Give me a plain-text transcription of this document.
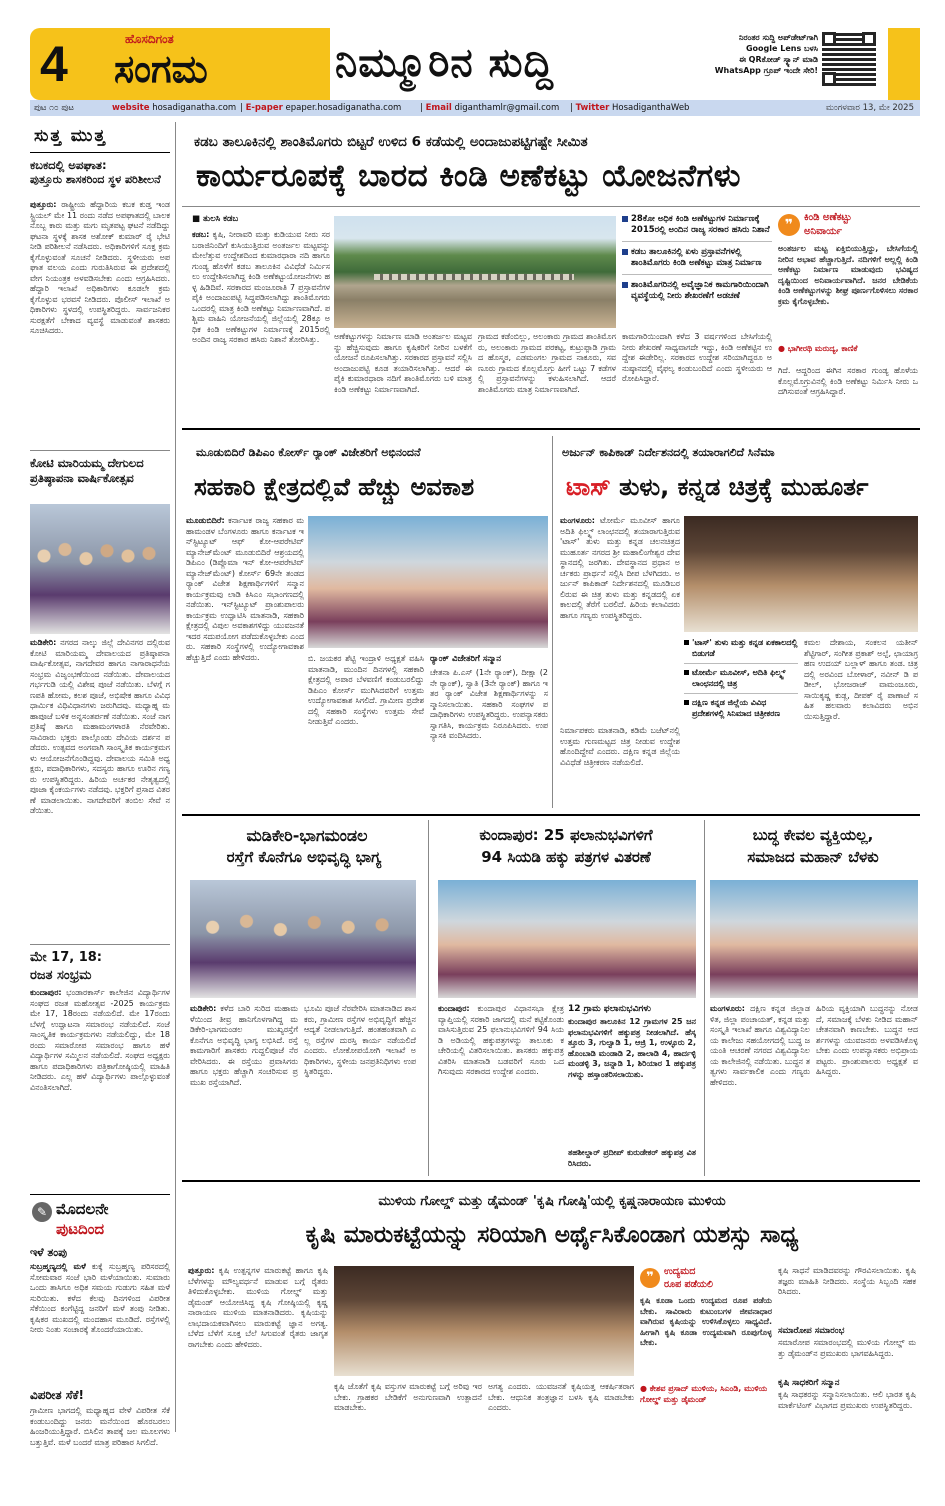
4	ಹೊಸದಿಗಂತ
ಸಂಗಮ	ನಿಮ್ಮೂರಿನ ಸುದ್ದಿ
ನಿರಂತರ ಸುದ್ದಿ ಅಪ್‌ಡೇಟ್‌ಗಾಗಿ
Google Lens ಬಳಸಿ
ಈ QRಕೋಡ್ ಸ್ಕ್ಯಾನ್ ಮಾಡಿ
WhatsApp ಗ್ರೂಪ್ ಇಂದೇ ಸೇರಿ!
ಪುಟ ೧೦ ಪುಟ	website hosadiganatha.com | E-paper epaper.hosadiganatha.com | Email diganthamlr@gmail.com | Twitter HosadiganthaWeb	ಮಂಗಳವಾರ 13, ಮೇ 2025
ಸುತ್ತ ಮುತ್ತ
ಕಬಕದಲ್ಲಿ ಅಪಘಾತ:
ಪುತ್ತೂರು ಶಾಸಕರಿಂದ ಸ್ಥಳ ಪರಿಶೀಲನೆ
ಪುತ್ತೂರು: ರಾಷ್ಟ್ರೀಯ ಹೆದ್ದಾರಿಯ ಕಬಕ ಕುಡ್ತ ಇಂಡಸ್ಟ್ರಿಯಲ್ ಮೇ 11 ರಂದು ನಡೆದ ಅಪಘಾತದಲ್ಲಿ ಬಾಲಕನೊಬ್ಬ ಕಾರು ಮತ್ತು ಮಗು ಮೃತಪಟ್ಟ ಘಟನೆ ನಡೆದಿದ್ದು ಘಟನಾ ಸ್ಥಳಕ್ಕೆ ಶಾಸಕ ಅಶೋಕ್ ಕುಮಾರ್ ರೈ ಭೇಟಿ ನೀಡಿ ಪರಿಶೀಲನೆ ನಡೆಸಿದರು. ಅಧಿಕಾರಿಗಳಿಗೆ ಸೂಕ್ತ ಕ್ರಮ ಕೈಗೊಳ್ಳುವಂತೆ ಸೂಚನೆ ನೀಡಿದರು. ಸ್ಥಳೀಯರು ಅಪಘಾತ ವಲಯ ಎಂದು ಗುರುತಿಸಿರುವ ಈ ಪ್ರದೇಶದಲ್ಲಿ ವೇಗ ನಿಯಂತ್ರಕ ಅಳವಡಿಸಬೇಕು ಎಂದು ಆಗ್ರಹಿಸಿದರು. ಹೆದ್ದಾರಿ ಇಲಾಖೆ ಅಧಿಕಾರಿಗಳು ಕೂಡಲೇ ಕ್ರಮ ಕೈಗೊಳ್ಳುವ ಭರವಸೆ ನೀಡಿದರು. ಪೊಲೀಸ್ ಇಲಾಖೆ ಅಧಿಕಾರಿಗಳು ಸ್ಥಳದಲ್ಲಿ ಉಪಸ್ಥಿತರಿದ್ದರು. ಸಾರ್ವಜನಿಕರ ಸುರಕ್ಷತೆಗೆ ಬೇಕಾದ ವ್ಯವಸ್ಥೆ ಮಾಡುವಂತೆ ಶಾಸಕರು ಸೂಚಿಸಿದರು.
ಕೋಟಿ ಮಾರಿಯಮ್ಮ ದೇಗುಲದ ಪ್ರತಿಷ್ಠಾಪನಾ ವಾರ್ಷಿಕೋತ್ಸವ
ಮಡಿಕೇರಿ: ನಗರದ ನಾಲ್ಕು ಜಿಲ್ಲೆ ದೇವಿನಗರ ದಲ್ಲಿರುವ ಕೋಟಿ ಮಾರಿಯಮ್ಮ ದೇವಾಲಯದ ಪ್ರತಿಷ್ಠಾಪನಾ ವಾರ್ಷಿಕೋತ್ಸವ, ನಾಗದೇವರ ಹಾಗೂ ನಾಗಾರಾಧನೆಯ ಸಂಭ್ರಮ ವಿಜೃಂಭಣೆಯಿಂದ ನಡೆಯಿತು. ದೇವಾಲಯದ ಗರ್ಭಗುಡಿ ಯಲ್ಲಿ ವಿಶೇಷ ಪೂಜೆ ನಡೆಯಿತು. ಬೆಳಗ್ಗೆ ಗಣಪತಿ ಹೋಮ, ಕಲಶ ಪೂಜೆ, ಅಭಿಷೇಕ ಹಾಗೂ ವಿವಿಧ ಧಾರ್ಮಿಕ ವಿಧಿವಿಧಾನಗಳು ಜರುಗಿದವು. ಮಧ್ಯಾಹ್ನ ಮಹಾಪೂಜೆ ಬಳಿಕ ಅನ್ನಸಂತರ್ಪಣೆ ನಡೆಯಿತು. ಸಂಜೆ ನಾಗಪ್ರತಿಷ್ಠೆ ಹಾಗೂ ಮಹಾಮಂಗಳಾರತಿ ನೆರವೇರಿತು. ಸಾವಿರಾರು ಭಕ್ತರು ಪಾಲ್ಗೊಂಡು ದೇವಿಯ ದರ್ಶನ ಪಡೆದರು. ಉತ್ಸವದ ಅಂಗವಾಗಿ ಸಾಂಸ್ಕೃತಿಕ ಕಾರ್ಯಕ್ರಮಗಳು ಆಯೋಜನೆಗೊಂಡಿದ್ದವು. ದೇವಾಲಯ ಸಮಿತಿ ಅಧ್ಯಕ್ಷರು, ಪದಾಧಿಕಾರಿಗಳು, ಸದಸ್ಯರು ಹಾಗೂ ಊರಿನ ಗಣ್ಯರು ಉಪಸ್ಥಿತರಿದ್ದರು. ಹಿರಿಯ ಅರ್ಚಕರ ನೇತೃತ್ವದಲ್ಲಿ ಪೂಜಾ ಕೈಂಕರ್ಯಗಳು ನಡೆದವು. ಭಕ್ತರಿಗೆ ಪ್ರಸಾದ ವಿತರಣೆ ಮಾಡಲಾಯಿತು. ನಾಗದೇವರಿಗೆ ತಂಬಿಲ ಸೇವೆ ನಡೆಯಿತು.
ಮೇ 17, 18:
ರಜತ ಸಂಭ್ರಮ
ಕುಂದಾಪುರ: ಭಂಡಾರಕಾರ್ಸ್ ಕಾಲೇಜಿನ ವಿದ್ಯಾರ್ಥಿಗಳ ಸಂಘದ ರಜತ ಮಹೋತ್ಸವ -2025 ಕಾರ್ಯಕ್ರಮ ಮೇ 17, 18ರಂದು ನಡೆಯಲಿದೆ. ಮೇ 17ರಂದು ಬೆಳಗ್ಗೆ ಉದ್ಘಾಟನಾ ಸಮಾರಂಭ ನಡೆಯಲಿದೆ. ಸಂಜೆ ಸಾಂಸ್ಕೃತಿಕ ಕಾರ್ಯಕ್ರಮಗಳು ನಡೆಯಲಿದ್ದು, ಮೇ 18ರಂದು ಸಮಾರೋಪ ಸಮಾರಂಭ ಹಾಗೂ ಹಳೆ ವಿದ್ಯಾರ್ಥಿಗಳ ಸಮ್ಮಿಲನ ನಡೆಯಲಿದೆ. ಸಂಘದ ಅಧ್ಯಕ್ಷರು ಹಾಗೂ ಪದಾಧಿಕಾರಿಗಳು ಪತ್ರಿಕಾಗೋಷ್ಠಿಯಲ್ಲಿ ಮಾಹಿತಿ ನೀಡಿದರು. ಎಲ್ಲ ಹಳೆ ವಿದ್ಯಾರ್ಥಿಗಳು ಪಾಲ್ಗೊಳ್ಳುವಂತೆ ವಿನಂತಿಸಲಾಗಿದೆ.
✎ ಮೊದಲನೇ
ಪುಟದಿಂದ
ಇಳೆ ತಂಪು
ಸುಬ್ರಹ್ಮಣ್ಯದಲ್ಲಿ ಮಳೆ ಕುಕ್ಕೆ ಸುಬ್ರಹ್ಮಣ್ಯ ಪರಿಸರದಲ್ಲಿ ಸೋಮವಾರ ಸಂಜೆ ಭಾರಿ ಮಳೆಯಾಯಿತು. ಸುಮಾರು ಒಂದು ತಾಸಿಗೂ ಅಧಿಕ ಸಮಯ ಗುಡುಗು ಸಹಿತ ಮಳೆ ಸುರಿಯಿತು. ಕಳೆದ ಕೆಲವು ದಿನಗಳಿಂದ ವಿಪರೀತ ಸೆಕೆಯಿಂದ ಕಂಗೆಟ್ಟಿದ್ದ ಜನರಿಗೆ ಮಳೆ ತಂಪು ನೀಡಿತು. ಕೃಷಿಕರ ಮುಖದಲ್ಲಿ ಮಂದಹಾಸ ಮೂಡಿದೆ. ರಸ್ತೆಗಳಲ್ಲಿ ನೀರು ನಿಂತು ಸಂಚಾರಕ್ಕೆ ತೊಂದರೆಯಾಯಿತು.
ವಿಪರೀತ ಸೆಕೆ!
ಗ್ರಾಮೀಣ ಭಾಗದಲ್ಲಿ ಮಧ್ಯಾಹ್ನದ ವೇಳೆ ವಿಪರೀತ ಸೆಕೆ ಕಂಡುಬಂದಿದ್ದು ಜನರು ಮನೆಯಿಂದ ಹೊರಬರಲು ಹಿಂಜರಿಯುತ್ತಿದ್ದಾರೆ. ಬಿಸಿಲಿನ ತಾಪಕ್ಕೆ ಜಲ ಮೂಲಗಳು ಬತ್ತುತ್ತಿವೆ. ಮಳೆ ಬಂದರೆ ಮಾತ್ರ ಪರಿಹಾರ ಸಿಗಲಿದೆ.
ಕಡಬ ತಾಲೂಕಿನಲ್ಲಿ ಶಾಂತಿಮೊಗರು ಬಿಟ್ಟರೆ ಉಳಿದ 6 ಕಡೆಯಲ್ಲಿ ಅಂದಾಜುಪಟ್ಟಿಗಷ್ಟೇ ಸೀಮಿತ
ಕಾರ್ಯರೂಪಕ್ಕೆ ಬಾರದ ಕಿಂಡಿ ಅಣೆಕಟ್ಟು ಯೋಜನೆಗಳು
■ ತುಲಸಿ ಕಡಬ
ಕಡಬ: ಕೃಷಿ, ನೀರಾವರಿ ಮತ್ತು ಕುಡಿಯುವ ನೀರು ಸರಬರಾಜಿನಿಂದಿಗೆ ಕುಸಿಯುತ್ತಿರುವ ಅಂತರ್ಜಲ ಮಟ್ಟವನ್ನು ಮೇಲೆತ್ತುವ ಉದ್ದೇಶದಿಂದ ಕುಮಾರಧಾರಾ ನದಿ ಹಾಗೂ ಗುಂಡ್ಯ ಹೊಳೆಗೆ ಕಡಬ ತಾಲೂಕಿನ ವಿವಿಧೆಡೆ ನಿರ್ಮಿಸಲು ಉದ್ದೇಶಿಸಲಾಗಿದ್ದ ಕಿಂಡಿ ಅಣೆಕಟ್ಟುಯೋಜನೆಗಳು ಹಳ್ಳ ಹಿಡಿದಿವೆ. ಸರಕಾರದ ಮಂಜೂರಾತಿ 7 ಪ್ರಸ್ತಾವನೆಗಳ ಪೈಕಿ ಅಂದಾಜುಪಟ್ಟಿ ಸಿದ್ಧಪಡಿಸಲಾಗಿದ್ದು ಶಾಂತಿಮೊಗರು ಒಂದರಲ್ಲಿ ಮಾತ್ರ ಕಿಂಡಿ ಅಣೆಕಟ್ಟು ನಿರ್ಮಾಣವಾಗಿದೆ. ಪಶ್ಚಿಮ ವಾಹಿನಿ ಯೋಜನೆಯಲ್ಲಿ ಜಿಲ್ಲೆಯಲ್ಲಿ 28ಕ್ಕೂ ಅಧಿಕ ಕಿಂಡಿ ಅಣೆಕಟ್ಟುಗಳ ನಿರ್ಮಾಣಕ್ಕೆ 2015ರಲ್ಲಿ ಅಂದಿನ ರಾಜ್ಯ ಸರಕಾರ ಹಸಿರು ನಿಶಾನೆ ತೋರಿಸಿತ್ತು.	ಅಣೆಕಟ್ಟುಗಳನ್ನು ನಿರ್ಮಾಣ ಮಾಡಿ ಅಂತರ್ಜಲ ಮಟ್ಟವನ್ನು ಹೆಚ್ಚಿಸುವುದು ಹಾಗೂ ಕೃಷಿಕರಿಗೆ ನೀರಿನ ಬಳಕೆಗೆ ಯೋಜನೆ ರೂಪಿಸಲಾಗಿತ್ತು. ಸರಕಾರದ ಪ್ರಸ್ತಾವನೆ ಸಲ್ಲಿಸಿ ಅಂದಾಜುಪಟ್ಟಿ ಕೂಡ ತಯಾರಿಸಲಾಗಿತ್ತು. ಆದರೆ ಈ ಪೈಕಿ ಕುಮಾರಧಾರಾ ನದಿಗೆ ಶಾಂತಿಮೊಗರು ಬಳಿ ಮಾತ್ರ ಕಿಂಡಿ ಅಣೆಕಟ್ಟು ನಿರ್ಮಾಣವಾಗಿದೆ.
ಗ್ರಾಮದ ಕಡೆಂಬಿಲ್ಲು, ಅಲಂಕಾರು ಗ್ರಾಮದ ಶಾಂತಿಮೊಗರು, ಅಲಂಕಾರು ಗ್ರಾಮದ ಪರಕಟ್ಟ, ಕುಟ್ರುಪ್ಪಾಡಿ ಗ್ರಾಮದ ಹೊಸ್ಮಠ, ಎಡಮಂಗಲ ಗ್ರಾಮದ ನಾಕೂರು, ಸವಣೂರು ಗ್ರಾಮದ ಕೊಲ್ಲಮೊಗ್ರು ಹೀಗೆ ಒಟ್ಟು 7 ಕಡೆಗಳಲ್ಲಿ ಪ್ರಸ್ತಾವನೆಗಳನ್ನು ಕಳುಹಿಸಲಾಗಿದೆ. ಆದರೆ ಶಾಂತಿಮೊಗರು ಮಾತ್ರ ನಿರ್ಮಾಣವಾಗಿದೆ.
ಕಾಮಗಾರಿಯಿಂದಾಗಿ ಕಳೆದ 3 ವರ್ಷಗಳಿಂದ ಬೇಸಿಗೆಯಲ್ಲಿ ನೀರು ಶೇಖರಣೆ ಸಾಧ್ಯವಾಗದೇ ಇದ್ದು, ಕಿಂಡಿ ಅಣೆಕಟ್ಟಿನ ಉದ್ದೇಶ ಈಡೇರಿಲ್ಲ. ಸರಕಾರದ ಉದ್ದೇಶ ಸರಿಯಾಗಿದ್ದರೂ ಅನುಷ್ಠಾನದಲ್ಲಿ ವೈಫಲ್ಯ ಕಂಡುಬಂದಿದೆ ಎಂದು ಸ್ಥಳೀಯರು ಆರೋಪಿಸಿದ್ದಾರೆ.
28ಕೋ ಅಧಿಕ ಕಿಂಡಿ ಅಣೆಕಟ್ಟುಗಳ ನಿರ್ಮಾಣಕ್ಕೆ 2015ರಲ್ಲಿ ಅಂದಿನ ರಾಜ್ಯ ಸರಕಾರ ಹಸಿರು ನಿಶಾನೆ
ಕಡಬ ತಾಲೂಕಿನಲ್ಲಿ ಏಳು ಪ್ರಸ್ತಾವನೆಗಳಲ್ಲಿ ಶಾಂತಿಮೊಗರು ಕಿಂಡಿ ಅಣೆಕಟ್ಟು ಮಾತ್ರ ನಿರ್ಮಾಣ
ಶಾಂತಿಮೊಗರಿನಲ್ಲಿ ಅವೈಜ್ಞಾನಿಕ ಕಾಮಗಾರಿಯಿಂದಾಗಿ ವ್ಯವಸ್ಥೆಯಲ್ಲಿ ನೀರು ಶೇಖರಣೆಗೆ ಅಡಚಣೆ
❞	ಕಿಂಡಿ ಅಣೆಕಟ್ಟು
ಅನಿವಾರ್ಯ
ಅಂತರ್ಜಲ ಮಟ್ಟ ಏಕ್ತಿಬಿಯುತ್ತಿದ್ದು, ಬೇಸಿಗೆಯಲ್ಲಿ ನೀರಿನ ಅಭಾವ ಹೆಚ್ಚಾಗುತ್ತಿದೆ. ನದಿಗಳಿಗೆ ಅಲ್ಲಲ್ಲಿ ಕಿಂಡಿ ಅಣೆಕಟ್ಟು ನಿರ್ಮಾಣ ಮಾಡುವುದು ಭವಿಷ್ಯದ ದೃಷ್ಟಿಯಿಂದ ಅನಿವಾರ್ಯವಾಗಿದೆ. ಜನರ ಬೇಡಿಕೆಯ ಕಿಂಡಿ ಅಣೆಕಟ್ಟುಗಳನ್ನು ಶೀಘ್ರ ಪೂರ್ಣಗೊಳಿಸಲು ಸರಕಾರ ಕ್ರಮ ಕೈಗೊಳ್ಳಬೇಕು.
● ಭಾಗೀರಥಿ ಮರುದ್ಯ, ಕಾಣಿಕೆ
ಗಿದೆ. ಆದ್ದರಿಂದ ಈಗಿನ ಸರಕಾರ ಗುಂಡ್ಯ ಹೊಳೆಯ ಕೊಲ್ಲಮೊಗ್ರುವಿನಲ್ಲಿ ಕಿಂಡಿ ಅಣೆಕಟ್ಟು ನಿರ್ಮಿಸಿ ನೀರು ಒದಗಿಸುವಂತೆ ಆಗ್ರಹಿಸಿದ್ದಾರೆ.
ಮೂಡುಬಿದಿರೆ ಡಿಪಿಎಂ ಕೋರ್ಸ್ ರ್‍ಯಾಂಕ್ ವಿಜೇತರಿಗೆ ಅಭಿನಂದನೆ
ಸಹಕಾರಿ ಕ್ಷೇತ್ರದಲ್ಲಿವೆ ಹೆಚ್ಚು ಅವಕಾಶ
ಮೂಡುಬಿದಿರೆ: ಕರ್ನಾಟಕ ರಾಜ್ಯ ಸಹಕಾರ ಮಹಾಮಂಡಳ ಬೆಂಗಳೂರು ಹಾಗೂ ಕರ್ನಾಟಕ ಇನ್‌ಸ್ಟಿಟ್ಯೂಟ್ ಆಫ್ ಕೋ-ಆಪರೇಟಿವ್ ಮ್ಯಾನೇಜ್‌ಮೆಂಟ್ ಮೂಡುಬಿದಿರೆ ಆಶ್ರಯದಲ್ಲಿ ಡಿಪಿಎಂ (ಡಿಪ್ಲೊಮಾ ಇನ್ ಕೋ-ಆಪರೇಟಿವ್ ಮ್ಯಾನೇಜ್‌ಮೆಂಟ್) ಕೋರ್ಸ್ 69ನೇ ತಂಡದ ರ್‍ಯಾಂಕ್ ವಿಜೇತ ಶಿಕ್ಷಣಾರ್ಥಿಗಳಿಗೆ ಸನ್ಮಾನ ಕಾರ್ಯಕ್ರಮವು ಲಾಡಿ ಕಿಸಿಎಂ ಸಭಾಂಗಣದಲ್ಲಿ ನಡೆಯಿತು. ಇನ್‌ಸ್ಟಿಟ್ಯೂಟ್ ಪ್ರಾಂಶುಪಾಲರು ಕಾರ್ಯಕ್ರಮ ಉದ್ಘಾಟಿಸಿ ಮಾತನಾಡಿ, ಸಹಕಾರಿ ಕ್ಷೇತ್ರದಲ್ಲಿ ವಿಪುಲ ಅವಕಾಶಗಳಿದ್ದು ಯುವಜನತೆ ಇದರ ಸದುಪಯೋಗ ಪಡೆದುಕೊಳ್ಳಬೇಕು ಎಂದರು. ಸಹಕಾರಿ ಸಂಸ್ಥೆಗಳಲ್ಲಿ ಉದ್ಯೋಗಾವಕಾಶ ಹೆಚ್ಚುತ್ತಿದೆ ಎಂದು ಹೇಳಿದರು.	ಬಿ. ಜಯಕರ ಶೆಟ್ಟಿ ಇಂದ್ರಾಳಿ ಅಧ್ಯಕ್ಷತೆ ವಹಿಸಿ ಮಾತನಾಡಿ, ಮುಂದಿನ ದಿನಗಳಲ್ಲಿ ಸಹಕಾರಿ ಕ್ಷೇತ್ರದಲ್ಲಿ ಅಪಾರ ಬೆಳವಣಿಗೆ ಕಂಡುಬರಲಿದ್ದು ಡಿಪಿಎಂ ಕೋರ್ಸ್ ಮುಗಿಸಿದವರಿಗೆ ಉತ್ತಮ ಉದ್ಯೋಗಾವಕಾಶ ಸಿಗಲಿದೆ. ಗ್ರಾಮೀಣ ಪ್ರದೇಶದಲ್ಲಿ ಸಹಕಾರಿ ಸಂಸ್ಥೆಗಳು ಉತ್ತಮ ಸೇವೆ ನೀಡುತ್ತಿವೆ ಎಂದರು.
ರ್‍ಯಾಂಕ್ ವಿಜೇತರಿಗೆ ಸನ್ಮಾನ
ಚೇತನಾ ಪಿ.ಎಸ್ (1ನೇ ರ್‍ಯಾಂಕ್), ದೀಕ್ಷಾ (2ನೇ ರ್‍ಯಾಂಕ್), ಸ್ವಾತಿ (3ನೇ ರ್‍ಯಾಂಕ್) ಹಾಗೂ ಇತರ ರ್‍ಯಾಂಕ್ ವಿಜೇತ ಶಿಕ್ಷಣಾರ್ಥಿಗಳನ್ನು ಸನ್ಮಾನಿಸಲಾಯಿತು. ಸಹಕಾರಿ ಸಂಘಗಳ ಪದಾಧಿಕಾರಿಗಳು ಉಪಸ್ಥಿತರಿದ್ದರು. ಉಪನ್ಯಾಸಕರು ಸ್ವಾಗತಿಸಿ, ಕಾರ್ಯಕ್ರಮ ನಿರೂಪಿಸಿದರು. ಉಪನ್ಯಾಸಕಿ ವಂದಿಸಿದರು.
ಅರ್ಜುನ್ ಕಾಪಿಕಾಡ್ ನಿರ್ದೇಶನದಲ್ಲಿ ತಯಾರಾಗಲಿದೆ ಸಿನೆಮಾ
ಟಾಸ್ ತುಳು, ಕನ್ನಡ ಚಿತ್ರಕ್ಕೆ ಮುಹೂರ್ತ
ಮಂಗಳೂರು: ಟೋರ್ಮೆ ಮೂವೀಸ್ ಹಾಗೂ ಅದಿತಿ ಫಿಲ್ಮ್ಸ್ ಲಾಂಛನದಲ್ಲಿ ತಯಾರಾಗುತ್ತಿರುವ 'ಟಾಸ್' ತುಳು ಮತ್ತು ಕನ್ನಡ ಚಲನಚಿತ್ರದ ಮುಹೂರ್ತ ನಗರದ ಶ್ರೀ ಮಹಾಲಿಂಗೇಶ್ವರ ದೇವಸ್ಥಾನದಲ್ಲಿ ಜರಗಿತು. ದೇವಸ್ಥಾನದ ಪ್ರಧಾನ ಅರ್ಚಕರು ಪ್ರಾರ್ಥನೆ ಸಲ್ಲಿಸಿ ದೀಪ ಬೆಳಗಿದರು. ಅರ್ಜುನ್ ಕಾಪಿಕಾಡ್ ನಿರ್ದೇಶನದಲ್ಲಿ ಮೂಡಿಬರಲಿರುವ ಈ ಚಿತ್ರ ತುಳು ಮತ್ತು ಕನ್ನಡದಲ್ಲಿ ಏಕಕಾಲದಲ್ಲಿ ತೆರೆಗೆ ಬರಲಿದೆ. ಹಿರಿಯ ಕಲಾವಿದರು ಹಾಗೂ ಗಣ್ಯರು ಉಪಸ್ಥಿತರಿದ್ದರು.
'ಟಾಸ್' ತುಳು ಮತ್ತು ಕನ್ನಡ ಏಕಕಾಲದಲ್ಲಿ ಬಿಡುಗಡೆ
ಟೋರ್ಮೆ ಮೂವೀಸ್, ಅದಿತಿ ಫಿಲ್ಮ್ಸ್‌ ಲಾಂಛನದಲ್ಲಿ ಚಿತ್ರ
ದಕ್ಷಿಣ ಕನ್ನಡ ಜಿಲ್ಲೆಯ ವಿವಿಧ ಪ್ರದೇಶಗಳಲ್ಲಿ ಸಿನಿಮಾದ ಚಿತ್ರೀಕರಣ
ಕಮಲ ದೇಶಾಯ, ಸಂಕಲನ ಯತೀನ್ ಶೆಟ್ಟಿಗಾರ್, ಸಂಗೀತ ಪ್ರಕಾಶ್ ಅಲ್ಪೆ, ಛಾಯಾಗ್ರಹಣ ಉದಯ್ ಬಲ್ಲಾಳ್ ಹಾಗೂ ತಂಡ. ಚಿತ್ರದಲ್ಲಿ ಅರವಿಂದ ಬೋಳಾರ್, ನವೀನ್ ಡಿ ಪಡೀಲ್, ಭೋಜರಾಜ್ ವಾಮಂಜೂರು, ಸಾಯಿಕೃಷ್ಣ ಕುಡ್ಲ, ದೀಪಕ್ ರೈ ಪಾಣಾಜೆ ಸಹಿತ ಹಲವಾರು ಕಲಾವಿದರು ಅಭಿನಯಿಸುತ್ತಿದ್ದಾರೆ.
ನಿರ್ಮಾಪಕರು ಮಾತನಾಡಿ, ಕಡಿಮೆ ಬಜೆಟ್‌ನಲ್ಲಿ ಉತ್ತಮ ಗುಣಮಟ್ಟದ ಚಿತ್ರ ನೀಡುವ ಉದ್ದೇಶ ಹೊಂದಿದ್ದೇವೆ ಎಂದರು. ದಕ್ಷಿಣ ಕನ್ನಡ ಜಿಲ್ಲೆಯ ವಿವಿಧೆಡೆ ಚಿತ್ರೀಕರಣ ನಡೆಯಲಿದೆ.
ಮಡಿಕೇರಿ-ಭಾಗಮಂಡಲ
ರಸ್ತೆಗೆ ಕೊನೆಗೂ ಅಭಿವೃದ್ಧಿ ಭಾಗ್ಯ
ಮಡಿಕೇರಿ: ಕಳೆದ ಬಾರಿ ಸುರಿದ ಮಹಾಮಳೆಯಿಂದ ತೀವ್ರ ಹಾನಿಗೊಳಗಾಗಿದ್ದ ಮಡಿಕೇರಿ-ಭಾಗಮಂಡಲ ಮುಖ್ಯರಸ್ತೆಗೆ ಕೊನೆಗೂ ಅಭಿವೃದ್ಧಿ ಭಾಗ್ಯ ಲಭಿಸಿದೆ. ರಸ್ತೆ ಕಾಮಗಾರಿಗೆ ಶಾಸಕರು ಗುದ್ದಲಿಪೂಜೆ ನೆರವೇರಿಸಿದರು. ಈ ರಸ್ತೆಯು ಪ್ರವಾಸಿಗರು ಹಾಗೂ ಭಕ್ತರು ಹೆಚ್ಚಾಗಿ ಸಂಚರಿಸುವ ಪ್ರಮುಖ ರಸ್ತೆಯಾಗಿದೆ.
ಭೂಮಿ ಪೂಜೆ ನೆರವೇರಿಸಿ ಮಾತನಾಡಿದ ಶಾಸಕರು, ಗ್ರಾಮೀಣ ರಸ್ತೆಗಳ ಅಭಿವೃದ್ಧಿಗೆ ಹೆಚ್ಚಿನ ಆದ್ಯತೆ ನೀಡಲಾಗುತ್ತಿದೆ. ಹಂತಹಂತವಾಗಿ ಎಲ್ಲ ರಸ್ತೆಗಳ ದುರಸ್ತಿ ಕಾರ್ಯ ನಡೆಯಲಿದೆ ಎಂದರು. ಲೋಕೋಪಯೋಗಿ ಇಲಾಖೆ ಅಧಿಕಾರಿಗಳು, ಸ್ಥಳೀಯ ಜನಪ್ರತಿನಿಧಿಗಳು ಉಪಸ್ಥಿತರಿದ್ದರು.
ಕುಂದಾಪುರ: 25 ಫಲಾನುಭವಿಗಳಿಗೆ
94 ಸಿಯಡಿ ಹಕ್ಕು ಪತ್ರಗಳ ವಿತರಣೆ
ಕುಂದಾಪುರ: ಕುಂದಾಪುರ ವಿಧಾನಸಭಾ ಕ್ಷೇತ್ರ ವ್ಯಾಪ್ತಿಯಲ್ಲಿ ಸರಕಾರಿ ಜಾಗದಲ್ಲಿ ಮನೆ ಕಟ್ಟಿಕೊಂಡು ವಾಸಿಸುತ್ತಿರುವ 25 ಫಲಾನುಭವಿಗಳಿಗೆ 94 ಸಿಯಡಿ ಅಡಿಯಲ್ಲಿ ಹಕ್ಕುಪತ್ರಗಳನ್ನು ತಾಲೂಕು ಕಚೇರಿಯಲ್ಲಿ ವಿತರಿಸಲಾಯಿತು. ಶಾಸಕರು ಹಕ್ಕುಪತ್ರ ವಿತರಿಸಿ ಮಾತನಾಡಿ ಬಡವರಿಗೆ ಸೂರು ಒದಗಿಸುವುದು ಸರಕಾರದ ಉದ್ದೇಶ ಎಂದರು.
12 ಗ್ರಾಮ ಫಲಾನುಭವಿಗಳು
ಕುಂದಾಪುರ ತಾಲೂಕಿನ 12 ಗ್ರಾಮಗಳ 25 ಜನ ಫಲಾನುಭವಿಗಳಿಗೆ ಹಕ್ಕುಪತ್ರ ನೀಡಲಾಗಿದೆ. ಹೆಸ್ಕತ್ತೂರು 3, ಗುಲ್ವಾಡಿ 1, ಆಜ್ರಿ 1, ಉಳ್ಳೂರು 2, ಹೊಂಬಾಡಿ ಮಂಡಾಡಿ 2, ಹಾಲಾಡಿ 4, ಹಾರ್ದಳ್ಳಿ ಮಂಡಳ್ಳಿ 3, ಜನ್ನಾಡಿ 1, ಶಿರಿಯಾರ 1 ಹಕ್ಕುಪತ್ರಗಳನ್ನು ಹಸ್ತಾಂತರಿಸಲಾಯಿತು.
ತಹಶೀಲ್ದಾರ್ ಪ್ರದೀಪ್ ಕುರುಡೇಕರ್ ಹಕ್ಕುಪತ್ರ ವಿತರಿಸಿದರು.
ಬುದ್ಧ ಕೇವಲ ವ್ಯಕ್ತಿಯಲ್ಲ,
ಸಮಾಜದ ಮಹಾನ್ ಬೆಳಕು
ಮಂಗಳೂರು: ದಕ್ಷಿಣ ಕನ್ನಡ ಜಿಲ್ಲಾಡಳಿತ, ಜಿಲ್ಲಾ ಪಂಚಾಯತ್, ಕನ್ನಡ ಮತ್ತು ಸಂಸ್ಕೃತಿ ಇಲಾಖೆ ಹಾಗೂ ವಿಶ್ವವಿದ್ಯಾನಿಲಯ ಕಾಲೇಜು ಸಹಯೋಗದಲ್ಲಿ ಬುದ್ಧ ಜಯಂತಿ ಆಚರಣೆ ನಗರದ ವಿಶ್ವವಿದ್ಯಾನಿಲಯ ಕಾಲೇಜಿನಲ್ಲಿ ನಡೆಯಿತು. ಬುದ್ಧನ ತತ್ವಗಳು ಸಾರ್ವಕಾಲಿಕ ಎಂದು ಗಣ್ಯರು ಹೇಳಿದರು.
ಹಿರಿಯ ವ್ಯಕ್ತಿಯಾಗಿ ಬುದ್ಧನನ್ನು ನೋಡದೆ, ಸಮಾಜಕ್ಕೆ ಬೆಳಕು ನೀಡಿದ ಮಹಾನ್ ಚೇತನವಾಗಿ ಕಾಣಬೇಕು. ಬುದ್ಧನ ಆದರ್ಶಗಳನ್ನು ಯುವಜನರು ಅಳವಡಿಸಿಕೊಳ್ಳಬೇಕು ಎಂದು ಉಪನ್ಯಾಸಕರು ಅಭಿಪ್ರಾಯಪಟ್ಟರು. ಪ್ರಾಂಶುಪಾಲರು ಅಧ್ಯಕ್ಷತೆ ವಹಿಸಿದ್ದರು.
ಮುಳಿಯ ಗೋಲ್ಡ್ ಮತ್ತು ಡೈಮಂಡ್ 'ಕೃಷಿ ಗೋಷ್ಠಿ'ಯಲ್ಲಿ ಕೃಷ್ಣನಾರಾಯಣ ಮುಳಿಯ
ಕೃಷಿ ಮಾರುಕಟ್ಟೆಯನ್ನು ಸರಿಯಾಗಿ ಅರ್ಥೈಸಿಕೊಂಡಾಗ ಯಶಸ್ಸು ಸಾಧ್ಯ
ಪುತ್ತೂರು: ಕೃಷಿ ಉತ್ಪನ್ನಗಳ ಮಾರುಕಟ್ಟೆ ಹಾಗೂ ಕೃಷಿ ಬೆಳೆಗಳನ್ನು ಮೌಲ್ಯವರ್ಧನೆ ಮಾಡುವ ಬಗ್ಗೆ ರೈತರು ತಿಳಿದುಕೊಳ್ಳಬೇಕು. ಮುಳಿಯ ಗೋಲ್ಡ್ ಮತ್ತು ಡೈಮಂಡ್ ಆಯೋಜಿಸಿದ್ದ ಕೃಷಿ ಗೋಷ್ಠಿಯಲ್ಲಿ ಕೃಷ್ಣನಾರಾಯಣ ಮುಳಿಯ ಮಾತನಾಡಿದರು. ಕೃಷಿಯನ್ನು ಲಾಭದಾಯಕವಾಗಿಸಲು ಮಾರುಕಟ್ಟೆ ಜ್ಞಾನ ಅಗತ್ಯ. ಬೆಳೆದ ಬೆಳೆಗೆ ಸೂಕ್ತ ಬೆಲೆ ಸಿಗುವಂತೆ ರೈತರು ಜಾಗೃತರಾಗಬೇಕು ಎಂದು ಹೇಳಿದರು.
ಕೃಷಿ ಜೊತೆಗೆ ಕೃಷಿ ವಸ್ತುಗಳ ಮಾರುಕಟ್ಟೆ ಬಗ್ಗೆ ಅರಿವು ಇರಬೇಕು. ಗ್ರಾಹಕರ ಬೇಡಿಕೆಗೆ ಅನುಗುಣವಾಗಿ ಉತ್ಪಾದನೆ ಮಾಡಬೇಕು.
ಅಗತ್ಯ ಎಂದರು. ಯುವಜನತೆ ಕೃಷಿಯತ್ತ ಆಕರ್ಷಿತರಾಗಬೇಕು. ಆಧುನಿಕ ತಂತ್ರಜ್ಞಾನ ಬಳಸಿ ಕೃಷಿ ಮಾಡಬೇಕು ಎಂದರು.
❞	ಉದ್ಯಮದ
ರೂಪ ಪಡೆಯಲಿ
ಕೃಷಿ ಕೂಡಾ ಒಂದು ಉದ್ಯಮದ ರೂಪ ಪಡೆಯಬೇಕು. ಸಾವಿರಾರು ಕುಟುಂಬಗಳ ಜೀವನಾಧಾರವಾಗಿರುವ ಕೃಷಿಯನ್ನು ಉಳಿಸಿಕೊಳ್ಳಲು ಸಾಧ್ಯವಿದೆ. ಹೀಗಾಗಿ ಕೃಷಿ ಕೂಡಾ ಉದ್ಯಮವಾಗಿ ರೂಪುಗೊಳ್ಳಬೇಕು.
● ಕೇಶವ ಪ್ರಸಾದ್ ಮುಳಿಯ, ಸಿಎಂಡಿ, ಮುಳಿಯ ಗೋಲ್ಡ್ ಮತ್ತು ಡೈಮಂಡ್
ಕೃಷಿ ಸಾಧನೆ ಮಾಡಿದವರನ್ನು ಗೌರವಿಸಲಾಯಿತು. ಕೃಷಿ ತಜ್ಞರು ಮಾಹಿತಿ ನೀಡಿದರು. ಸಂಸ್ಥೆಯ ಸಿಬ್ಬಂದಿ ಸಹಕರಿಸಿದರು.
ಸಮಾರೋಪ ಸಮಾರಂಭ
ಸಮಾರೋಪ ಸಮಾರಂಭದಲ್ಲಿ ಮುಳಿಯ ಗೋಲ್ಡ್ ಮತ್ತು ಡೈಮಂಡ್‌ನ ಪ್ರಮುಖರು ಭಾಗವಹಿಸಿದ್ದರು.
ಕೃಷಿ ಸಾಧಕರಿಗೆ ಸನ್ಮಾನ
ಕೃಷಿ ಸಾಧಕರನ್ನು ಸನ್ಮಾನಿಸಲಾಯಿತು. ಆಲಿ ಭಾರತ ಕೃಷಿ ಮಾರ್ಕೆಟಿಂಗ್ ವಿಭಾಗದ ಪ್ರಮುಖರು ಉಪಸ್ಥಿತರಿದ್ದರು.
